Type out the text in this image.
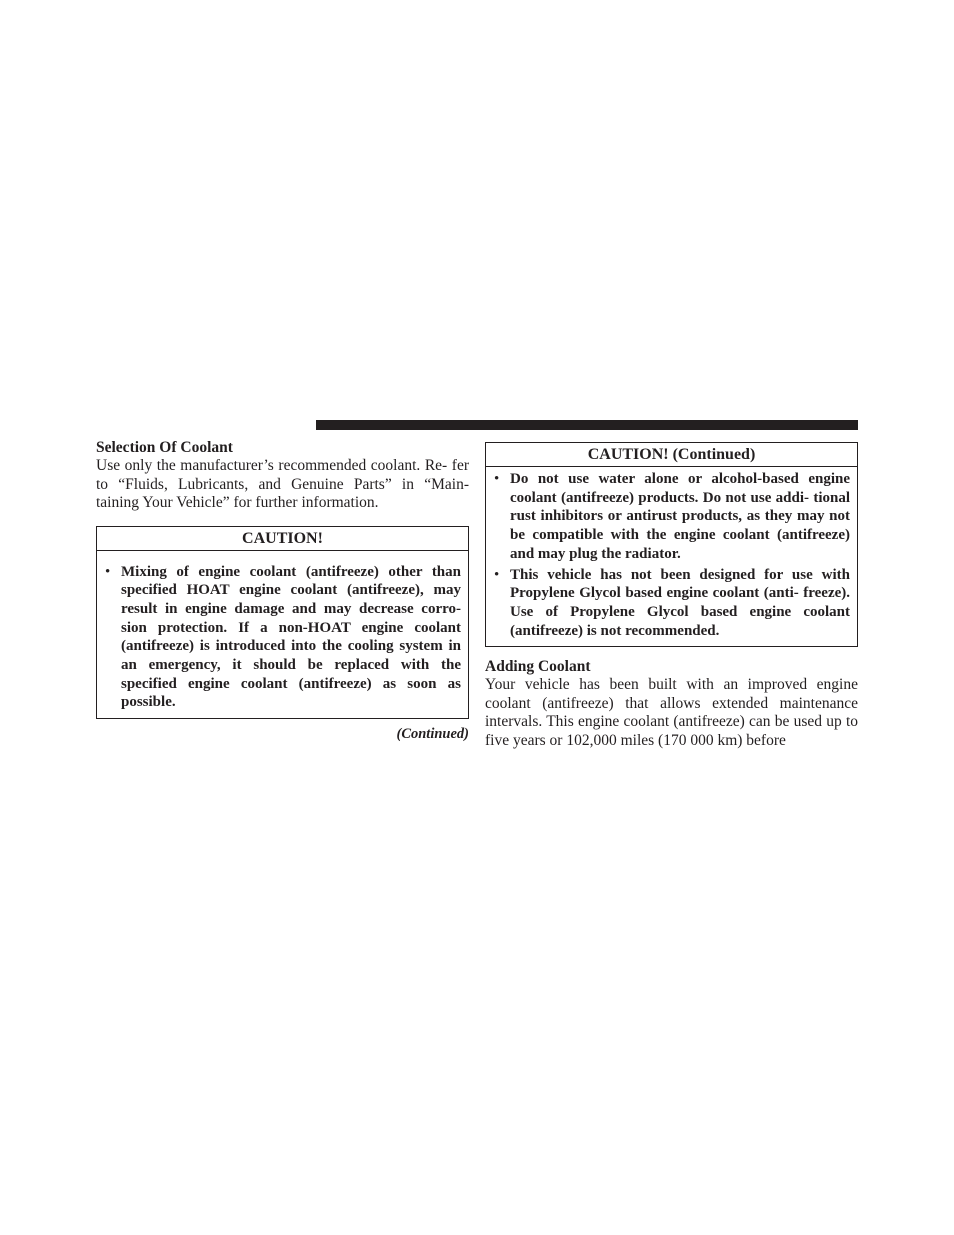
Selection Of Coolant

Use only the manufacturer’s recommended coolant. Re- fer to “Fluids, Lubricants, and Genuine Parts” in “Main- taining Your Vehicle” for further information.

CAUTION!
• Mixing of engine coolant (antifreeze) other than specified HOAT engine coolant (antifreeze), may result in engine damage and may decrease corro- sion protection. If a non-HOAT engine coolant (antifreeze) is introduced into the cooling system in an emergency, it should be replaced with the specified engine coolant (antifreeze) as soon as possible.
(Continued)
CAUTION! (Continued)
• Do not use water alone or alcohol-based engine coolant (antifreeze) products. Do not use addi- tional rust inhibitors or antirust products, as they may not be compatible with the engine coolant (antifreeze) and may plug the radiator.
• This vehicle has not been designed for use with Propylene Glycol based engine coolant (anti- freeze). Use of Propylene Glycol based engine coolant (antifreeze) is not recommended.

Adding Coolant

Your vehicle has been built with an improved engine coolant (antifreeze) that allows extended maintenance intervals. This engine coolant (antifreeze) can be used up to five years or 102,000 miles (170 000 km) before
